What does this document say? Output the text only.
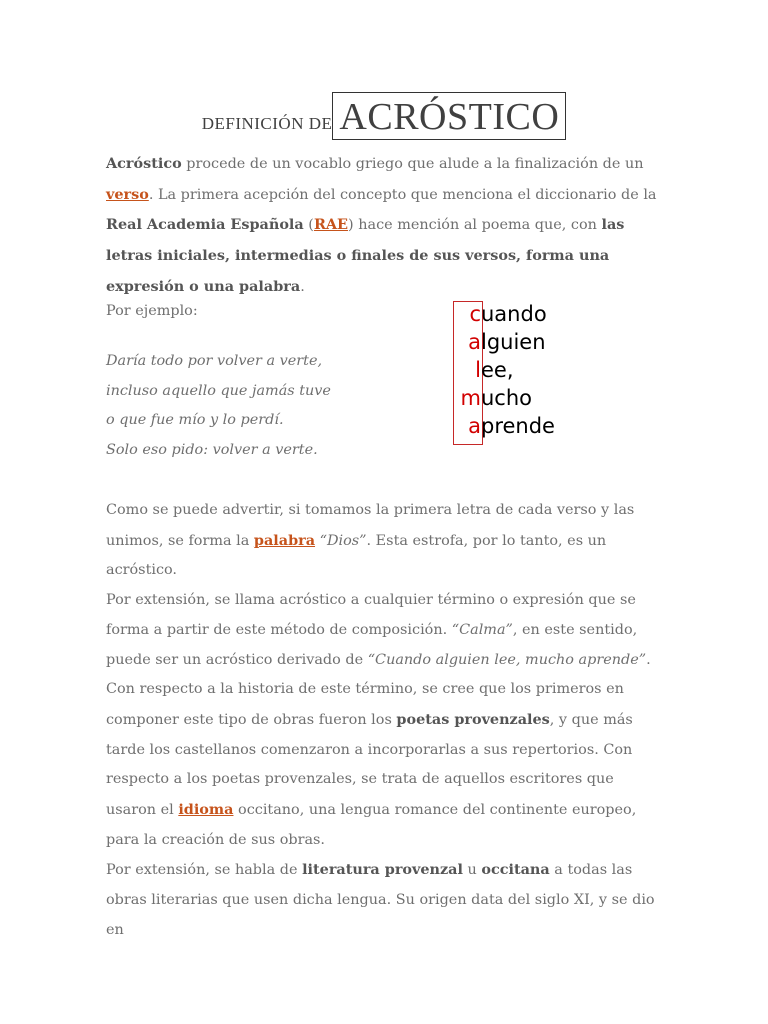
DEFINICIÓN DE ACRÓSTICO
Acróstico procede de un vocablo griego que alude a la finalización de un verso. La primera acepción del concepto que menciona el diccionario de la Real Academia Española (RAE) hace mención al poema que, con las letras iniciales, intermedias o finales de sus versos, forma una expresión o una palabra.
Por ejemplo:
Daría todo por volver a verte,
incluso aquello que jamás tuve
o que fue mío y lo perdí.
Solo eso pido: volver a verte.
cuando
alguien
lee,
mucho
aprende
Como se puede advertir, si tomamos la primera letra de cada verso y las unimos, se forma la palabra “Dios”. Esta estrofa, por lo tanto, es un acróstico.
Por extensión, se llama acróstico a cualquier término o expresión que se forma a partir de este método de composición. “Calma”, en este sentido, puede ser un acróstico derivado de “Cuando alguien lee, mucho aprende”.
Con respecto a la historia de este término, se cree que los primeros en componer este tipo de obras fueron los poetas provenzales, y que más tarde los castellanos comenzaron a incorporarlas a sus repertorios. Con respecto a los poetas provenzales, se trata de aquellos escritores que usaron el idioma occitano, una lengua romance del continente europeo, para la creación de sus obras.
Por extensión, se habla de literatura provenzal u occitana a todas las obras literarias que usen dicha lengua. Su origen data del siglo XI, y se dio en
